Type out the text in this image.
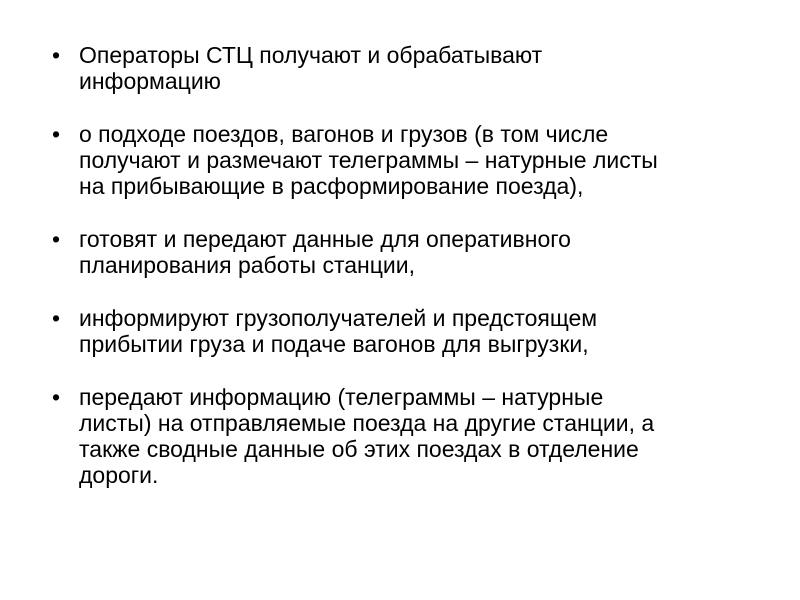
• Операторы СТЦ получают и обрабатывают
информацию
• о подходе поездов, вагонов и грузов (в том числе
получают и размечают телеграммы – натурные листы
на прибывающие в расформирование поезда),
• готовят и передают данные для оперативного
планирования работы станции,
• информируют грузополучателей и предстоящем
прибытии груза и подаче вагонов для выгрузки,
• передают информацию (телеграммы – натурные
листы) на отправляемые поезда на другие станции, а
также сводные данные об этих поездах в отделение
дороги.
